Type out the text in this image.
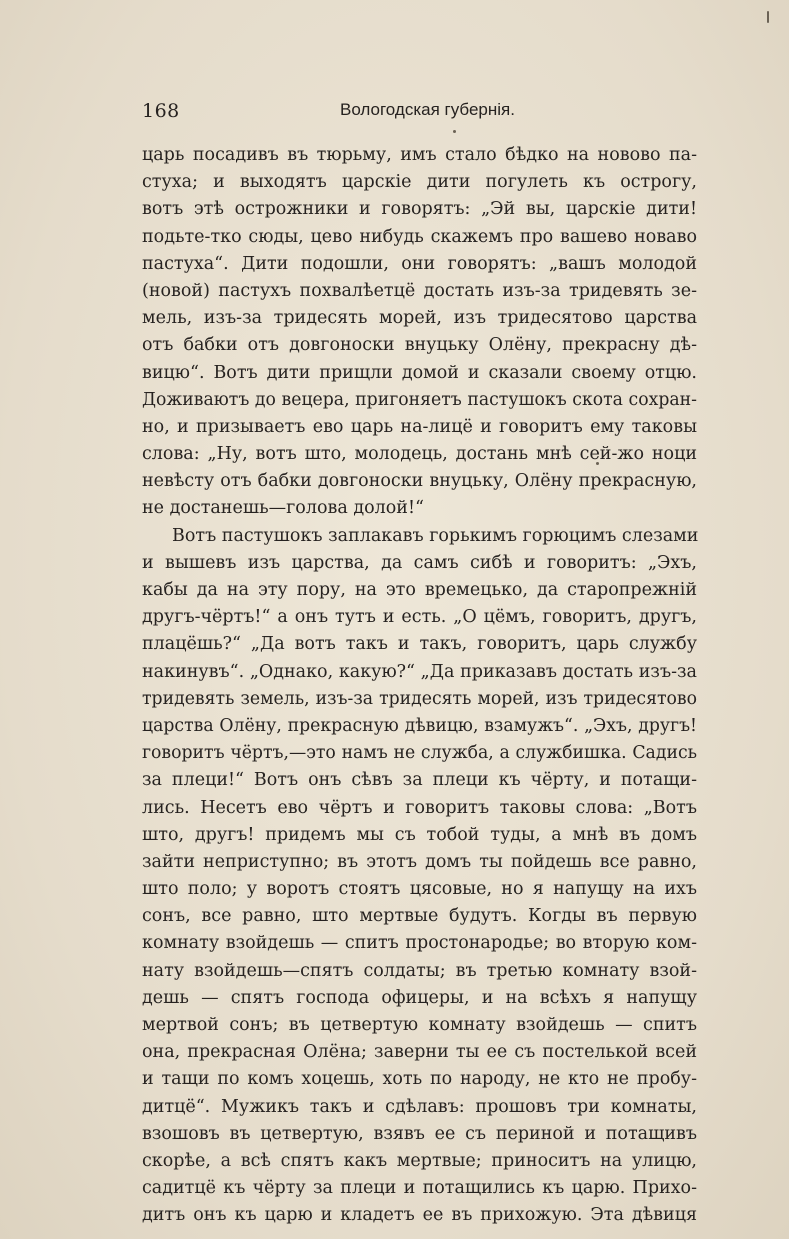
168	Вологодская губернія.
царь посадивъ въ тюрьму, имъ стало бѣдко на новово па-
стуха; и выходятъ царскіе дити погулеть къ острогу,
вотъ этѣ острожники и говорятъ: „Эй вы, царскіе дити!
подьте-тко сюды, цево нибудь скажемъ про вашево новаво
пастуха“. Дити подошли, они говорятъ: „вашъ молодой
(новой) пастухъ похвалѣетцё достать изъ-за тридевять зе-
мель, изъ-за тридесять морей, изъ тридесятово царства
отъ бабки отъ довгоноски внуцьку Олёну, прекрасну дѣ-
вицю“. Вотъ дити прищли домой и сказали своему отцю.
Доживаютъ до вецера, пригоняетъ пастушокъ скота сохран-
но, и призываетъ ево царь на-лицё и говоритъ ему таковы
слова: „Ну, вотъ што, молодець, достань мнѣ сей-жо ноци
невѣсту отъ бабки довгоноски внуцьку, Олёну прекрасную,
не достанешь—голова долой!“
Вотъ пастушокъ заплакавъ горькимъ горюцимъ слезами
и вышевъ изъ царства, да самъ сибѣ и говоритъ: „Эхъ,
кабы да на эту пору, на это времецько, да старопрежній
другъ-чёртъ!“ а онъ тутъ и есть. „О цёмъ, говоритъ, другъ,
плацёшь?“ „Да вотъ такъ и такъ, говоритъ, царь службу
накинувъ“. „Однако, какую?“ „Да приказавъ достать изъ-за
тридевять земель, изъ-за тридесять морей, изъ тридесятово
царства Олёну, прекрасную дѣвицю, взамужъ“. „Эхъ, другъ!
говоритъ чёртъ,—это намъ не служба, а службишка. Садись
за плеци!“ Вотъ онъ сѣвъ за плеци къ чёрту, и потащи-
лись. Несетъ ево чёртъ и говоритъ таковы слова: „Вотъ
што, другъ! придемъ мы съ тобой туды, а мнѣ въ домъ
зайти неприступно; въ этотъ домъ ты пойдешь все равно,
што поло; у воротъ стоятъ цясовые, но я напущу на ихъ
сонъ, все равно, што мертвые будутъ. Когды въ первую
комнату взойдешь — спитъ простонародье; во вторую ком-
нату взойдешь—спятъ солдаты; въ третью комнату взой-
дешь — спятъ господа офицеры, и на всѣхъ я напущу
мертвой сонъ; въ цетвертую комнату взойдешь — спитъ
она, прекрасная Олёна; заверни ты ее съ постелькой всей
и тащи по комъ хоцешь, хоть по народу, не кто не пробу-
дитцё“. Мужикъ такъ и сдѣлавъ: прошовъ три комнаты,
взошовъ въ цетвертую, взявъ ее съ периной и потащивъ
скорѣе, а всѣ спятъ какъ мертвые; приноситъ на улицю,
садитцё къ чёрту за плеци и потащились къ царю. Прихо-
дитъ онъ къ царю и кладетъ ее въ прихожую. Эта дѣвиця
